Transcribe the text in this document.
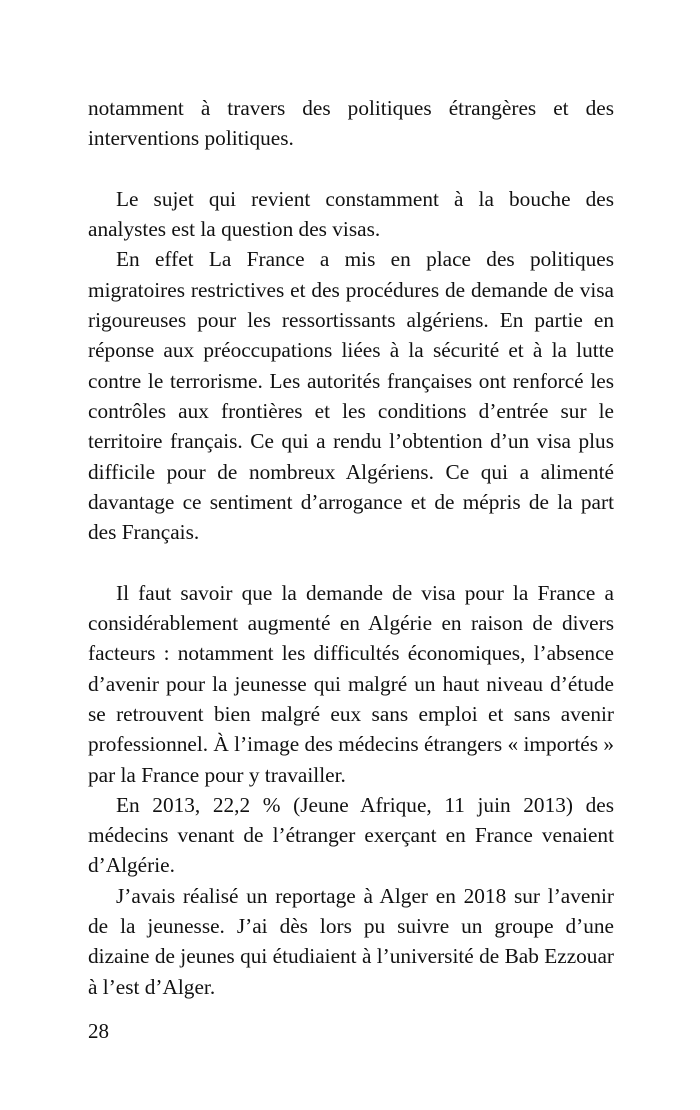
notamment à travers des politiques étrangères et des interventions politiques.

Le sujet qui revient constamment à la bouche des analystes est la question des visas.

En effet La France a mis en place des politiques migratoires restrictives et des procédures de demande de visa rigoureuses pour les ressortissants algériens. En partie en réponse aux préoccupations liées à la sécurité et à la lutte contre le terrorisme. Les autorités françaises ont renforcé les contrôles aux frontières et les conditions d’entrée sur le territoire français. Ce qui a rendu l’obtention d’un visa plus difficile pour de nombreux Algériens. Ce qui a alimenté davantage ce sentiment d’arrogance et de mépris de la part des Français.

Il faut savoir que la demande de visa pour la France a considérablement augmenté en Algérie en raison de divers facteurs : notamment les difficultés économiques, l’absence d’avenir pour la jeunesse qui malgré un haut niveau d’étude se retrouvent bien malgré eux sans emploi et sans avenir professionnel. À l’image des médecins étrangers « importés » par la France pour y travailler.

En 2013, 22,2 % (Jeune Afrique, 11 juin 2013) des médecins venant de l’étranger exerçant en France venaient d’Algérie.

J’avais réalisé un reportage à Alger en 2018 sur l’avenir de la jeunesse. J’ai dès lors pu suivre un groupe d’une dizaine de jeunes qui étudiaient à l’université de Bab Ezzouar à l’est d’Alger.

28
